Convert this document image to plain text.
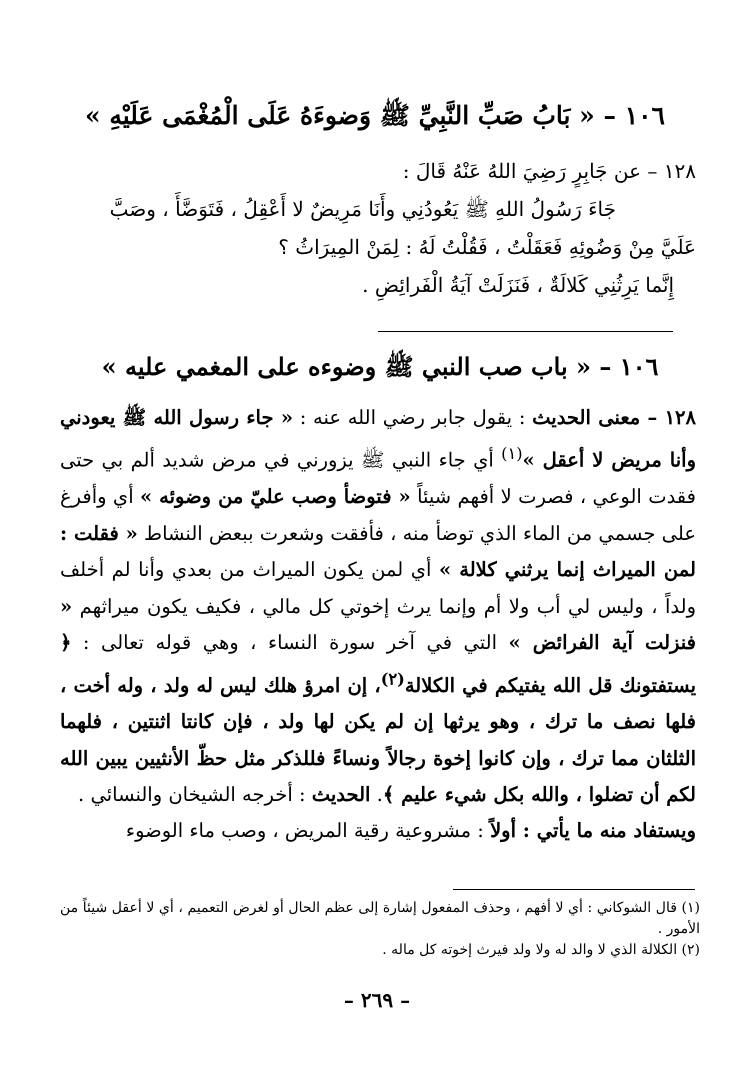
١٠٦ – « بَابُ صَبِّ النَّبِيِّ ﷺ وَضوءَهُ عَلَى الْمُغْمَى عَلَيْهِ »
١٢٨ – عن جَابِرٍ رَضِيَ اللهُ عَنْهُ قَالَ :
جَاءَ رَسُولُ اللهِ ﷺ يَعُودُنِي وأَنَا مَرِيضٌ لا أَعْقِلُ ، فَتَوَضَّأَ ، وصَبَّ
عَلَيَّ مِنْ وَضُوئِهِ فَعَقَلْتُ ، فَقُلْتُ لَهُ : لِمَنْ المِيرَاثُ ؟
إِنَّما يَرِثُنِي كَلالَةٌ ، فَنَزَلَتْ آيَةُ الْفَرائِضِ .
١٠٦ – « باب صب النبي ﷺ وضوءه على المغمي عليه »
١٢٨ – معنى الحديث : يقول جابر رضي الله عنه : « جاء رسول الله ﷺ يعودني وأنا مريض لا أعقل »$^{(١)}$ أي جاء النبي ﷺ يزورني في مرض شديد ألم بي حتى فقدت الوعي ، فصرت لا أفهم شيئاً « فتوضأ وصب عليّ من وضوئه » أي وأفرغ على جسمي من الماء الذي توضأ منه ، فأفقت وشعرت ببعض النشاط « فقلت : لمن الميراث إنما يرثني كلالة » أي لمن يكون الميراث من بعدي وأنا لم أخلف ولداً ، وليس لي أب ولا أم وإنما يرث إخوتي كل مالي ، فكيف يكون ميراثهم « فنزلت آية الفرائض » التي في آخر سورة النساء ، وهي قوله تعالى : ﴿ يستفتونك قل الله يفتيكم في الكلالة$^{(٢)}$، إن امرؤ هلك ليس له ولد ، وله أخت ، فلها نصف ما ترك ، وهو يرثها إن لم يكن لها ولد ، فإن كانتا اثنتين ، فلهما الثلثان مما ترك ، وإن كانوا إخوة رجالاً ونساءً فللذكر مثل حظّ الأنثيين يبين الله لكم أن تضلوا ، والله بكل شيء عليم ﴾. الحديث : أخرجه الشيخان والنسائي .
ويستفاد منه ما يأتي : أولاً : مشروعية رقية المريض ، وصب ماء الوضوء
(١) قال الشوكاني : أي لا أفهم ، وحذف المفعول إشارة إلى عظم الحال أو لغرض التعميم ، أي لا أعقل شيئاً من الأمور .
(٢) الكلالة الذي لا والد له ولا ولد فيرث إخوته كل ماله .
– ٢٦٩ –
